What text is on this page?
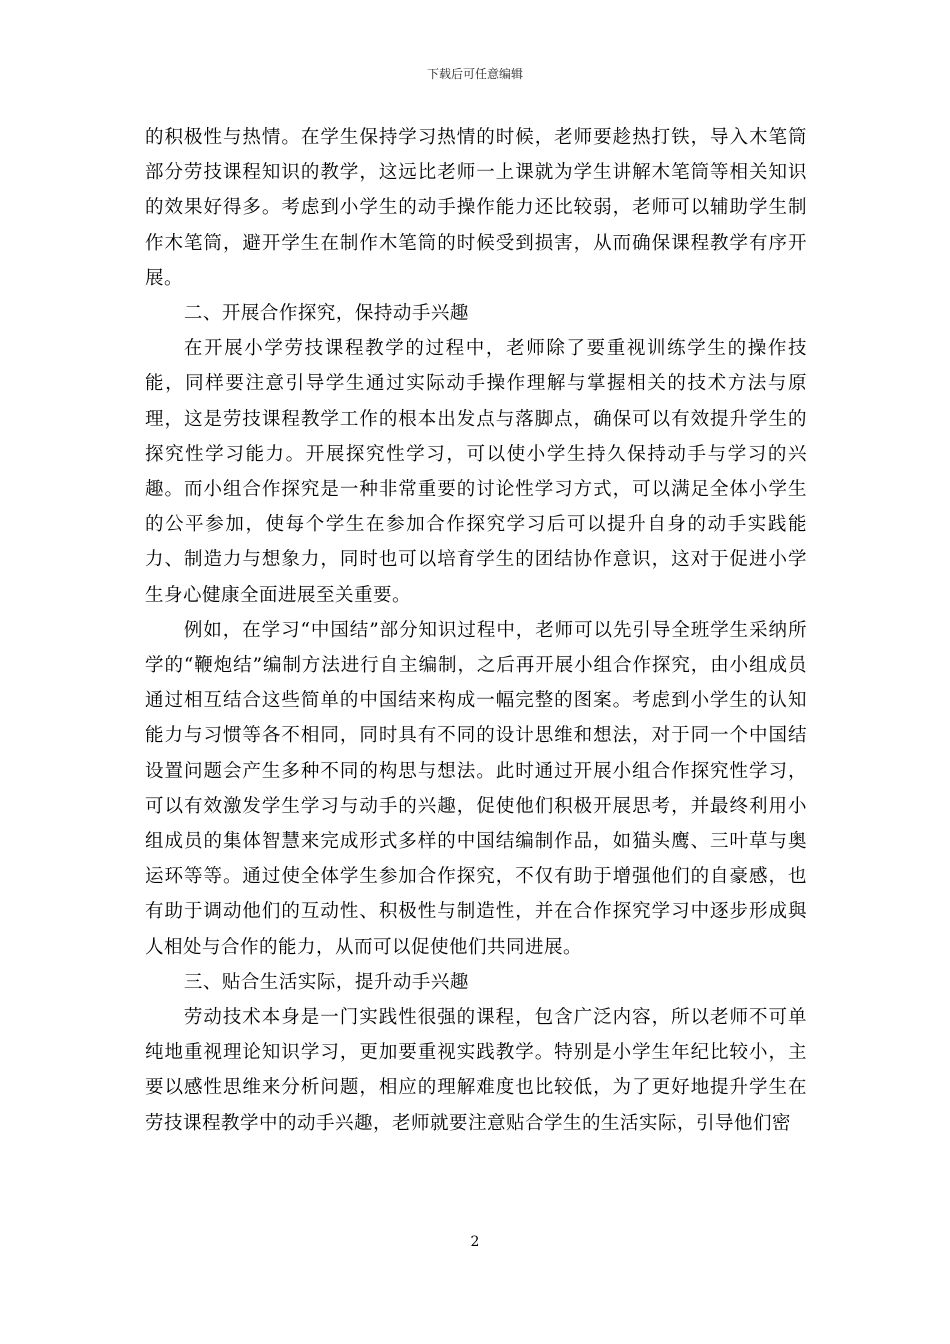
下载后可任意编辑

的积极性与热情。在学生保持学习热情的时候，老师要趁热打铁，导入木笔筒部分劳技课程知识的教学，这远比老师一上课就为学生讲解木笔筒等相关知识的效果好得多。考虑到小学生的动手操作能力还比较弱，老师可以辅助学生制作木笔筒，避开学生在制作木笔筒的时候受到损害，从而确保课程教学有序开展。

二、开展合作探究，保持动手兴趣

在开展小学劳技课程教学的过程中，老师除了要重视训练学生的操作技能，同样要注意引导学生通过实际动手操作理解与掌握相关的技术方法与原理，这是劳技课程教学工作的根本出发点与落脚点，确保可以有效提升学生的探究性学习能力。开展探究性学习，可以使小学生持久保持动手与学习的兴趣。而小组合作探究是一种非常重要的讨论性学习方式，可以满足全体小学生的公平参加，使每个学生在参加合作探究学习后可以提升自身的动手实践能力、制造力与想象力，同时也可以培育学生的团结协作意识，这对于促进小学生身心健康全面进展至关重要。

例如，在学习“中国结”部分知识过程中，老师可以先引导全班学生采纳所学的“鞭炮结”编制方法进行自主编制，之后再开展小组合作探究，由小组成员通过相互结合这些简单的中国结来构成一幅完整的图案。考虑到小学生的认知能力与习惯等各不相同，同时具有不同的设计思维和想法，对于同一个中国结设置问题会产生多种不同的构思与想法。此时通过开展小组合作探究性学习，可以有效激发学生学习与动手的兴趣，促使他们积极开展思考，并最终利用小组成员的集体智慧来完成形式多样的中国结编制作品，如猫头鹰、三叶草与奥运环等等。通过使全体学生参加合作探究，不仅有助于增强他们的自豪感，也有助于调动他们的互动性、积极性与制造性，并在合作探究学习中逐步形成與人相处与合作的能力，从而可以促使他们共同进展。

三、贴合生活实际，提升动手兴趣

劳动技术本身是一门实践性很强的课程，包含广泛内容，所以老师不可单纯地重视理论知识学习，更加要重视实践教学。特别是小学生年纪比较小，主要以感性思维来分析问题，相应的理解难度也比较低，为了更好地提升学生在劳技课程教学中的动手兴趣，老师就要注意贴合学生的生活实际，引导他们密

2
